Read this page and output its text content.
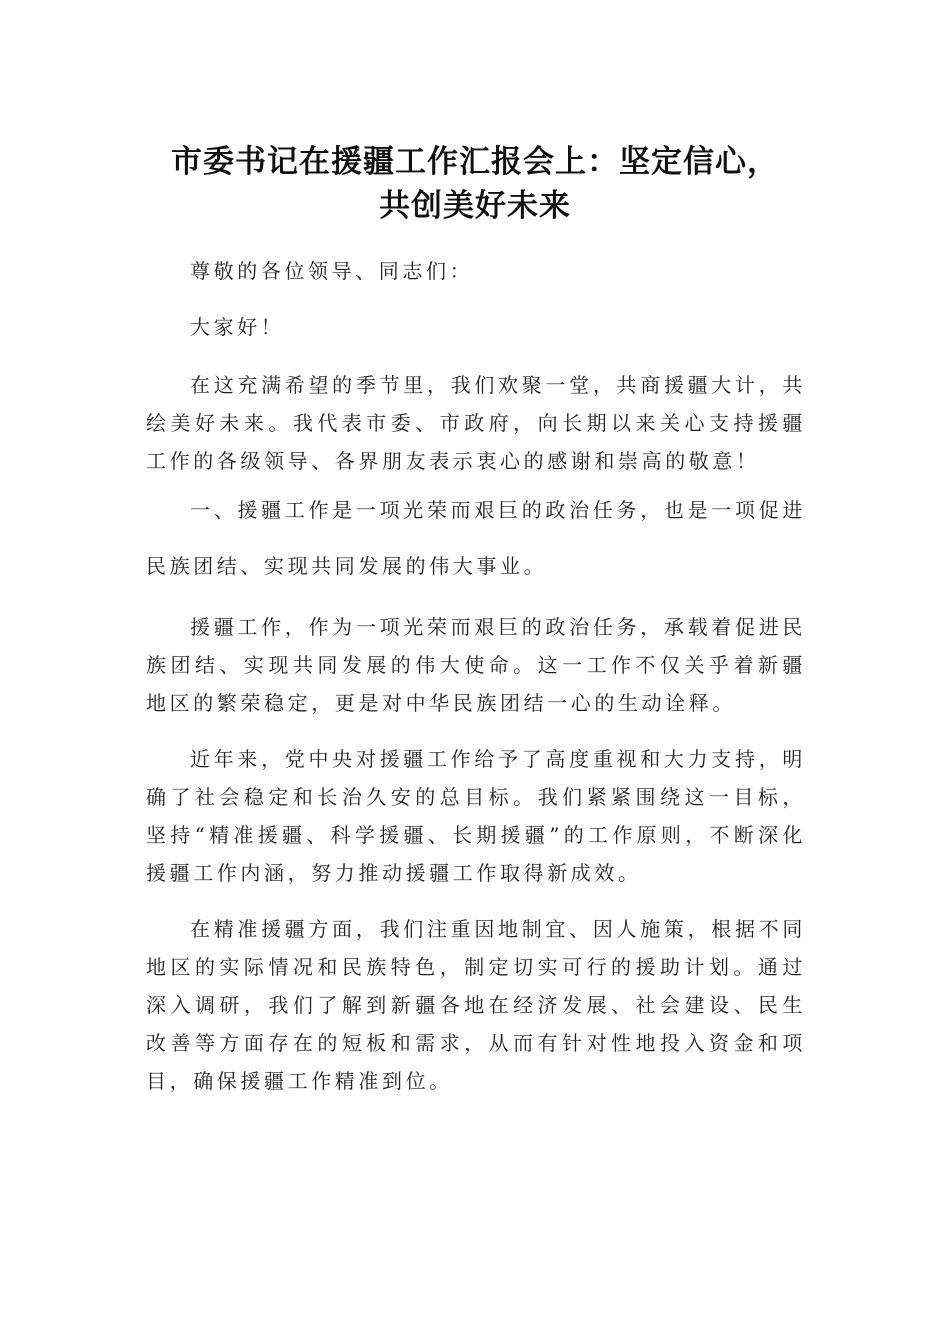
市委书记在援疆工作汇报会上：坚定信心，
共创美好未来

尊敬的各位领导、同志们：

大家好！

在这充满希望的季节里，我们欢聚一堂，共商援疆大计，共绘美好未来。我代表市委、市政府，向长期以来关心支持援疆工作的各级领导、各界朋友表示衷心的感谢和崇高的敬意！

一、援疆工作是一项光荣而艰巨的政治任务，也是一项促进民族团结、实现共同发展的伟大事业。

援疆工作，作为一项光荣而艰巨的政治任务，承载着促进民族团结、实现共同发展的伟大使命。这一工作不仅关乎着新疆地区的繁荣稳定，更是对中华民族团结一心的生动诠释。

近年来，党中央对援疆工作给予了高度重视和大力支持，明确了社会稳定和长治久安的总目标。我们紧紧围绕这一目标，坚持“精准援疆、科学援疆、长期援疆”的工作原则，不断深化援疆工作内涵，努力推动援疆工作取得新成效。

在精准援疆方面，我们注重因地制宜、因人施策，根据不同地区的实际情况和民族特色，制定切实可行的援助计划。通过深入调研，我们了解到新疆各地在经济发展、社会建设、民生改善等方面存在的短板和需求，从而有针对性地投入资金和项目，确保援疆工作精准到位。
